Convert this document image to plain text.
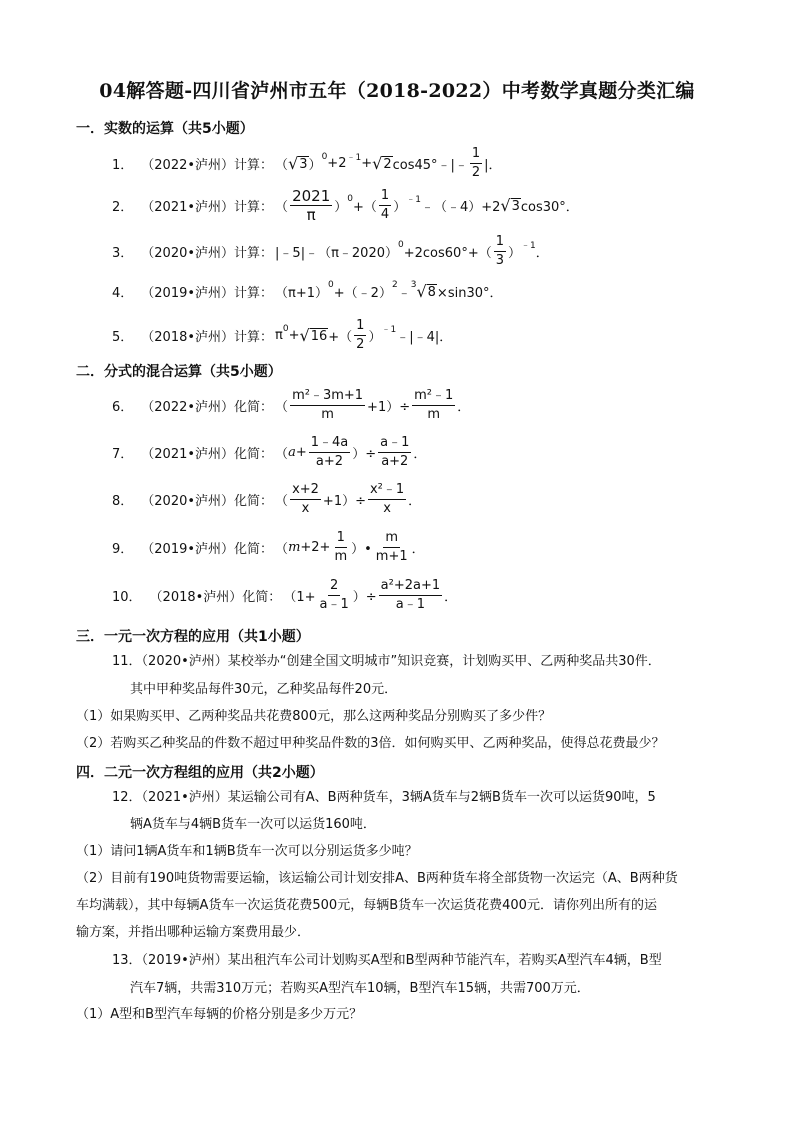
04解答题-四川省泸州市五年（2018-2022）中考数学真题分类汇编
一．实数的运算（共5小题）
1． （2022•泸州）计算： （ √ 3 ）
0 +2 ﹣1 + √ 2 cos45°﹣|﹣ $\frac{1}{2}$ |．
2． （2021•泸州）计算： （ $\frac{2021}{\pi}$ ）
0
+（ $\frac{1}{4}$ ） ﹣1 ﹣（﹣4）+2 √ 3 cos30°．
3． （2020•泸州）计算： |﹣5|﹣（π﹣2020）
0
$+2\cos 60^\circ+( \frac{1}{3}$ ） ﹣1 ．
4． （2019•泸州）计算： （π+1）
0
+（﹣2）
2
﹣
3 √ 8 ×sin30°．
5． （2018•泸州）计算： π 0 + √ 16 +（ $\frac{1}{2}$ ） ﹣1 ﹣|﹣4|．
二．分式的混合运算（共5小题）
6． （2022•泸州）化简： （ $\frac{\text{m²﹣3m+1}}{m} +1)\div \frac{\text{m²﹣1}}{m}$ ．
7． （2021•泸州）化简： （ $a + \frac{1﹣4a}{a+2}$ ）÷ $\frac{a﹣1}{a+2}$ ．
8． （2020•泸州）化简： （ $\frac{x+2}{x} +1)\div \frac{\text{x²﹣1}}{x}$ ．
9． （2019•泸州）化简： （ $m +2+ \frac{1}{m}$ ）• $\frac{m}{m+1}$ ．
10． （2018•泸州）化简： （$1+ \frac{2}{a﹣1}$ ）÷ $\frac{\text{a²+2a+1}}{a﹣1}$ ．
三．一元一次方程的应用（共1小题）
11．（2020•泸州）某校举办“创建全国文明城市”知识竞赛，计划购买甲、乙两种奖品共30件．
其中甲种奖品每件30元，乙种奖品每件20元．
（1）如果购买甲、乙两种奖品共花费800元，那么这两种奖品分别购买了多少件？
（2）若购买乙种奖品的件数不超过甲种奖品件数的3倍．如何购买甲、乙两种奖品，使得总花费最少？
四．二元一次方程组的应用（共2小题）
12．（2021•泸州）某运输公司有A、B两种货车，3辆A货车与2辆B货车一次可以运货90吨，5
辆A货车与4辆B货车一次可以运货160吨．
（1）请问1辆A货车和1辆B货车一次可以分别运货多少吨？
（2）目前有190吨货物需要运输，该运输公司计划安排A、B两种货车将全部货物一次运完（A、B两种货
车均满载），其中每辆A货车一次运货花费500元，每辆B货车一次运货花费400元．请你列出所有的运
输方案，并指出哪种运输方案费用最少．
13．（2019•泸州）某出租汽车公司计划购买A型和B型两种节能汽车，若购买A型汽车4辆，B型
汽车7辆，共需310万元；若购买A型汽车10辆，B型汽车15辆，共需700万元．
（1）A型和B型汽车每辆的价格分别是多少万元？
